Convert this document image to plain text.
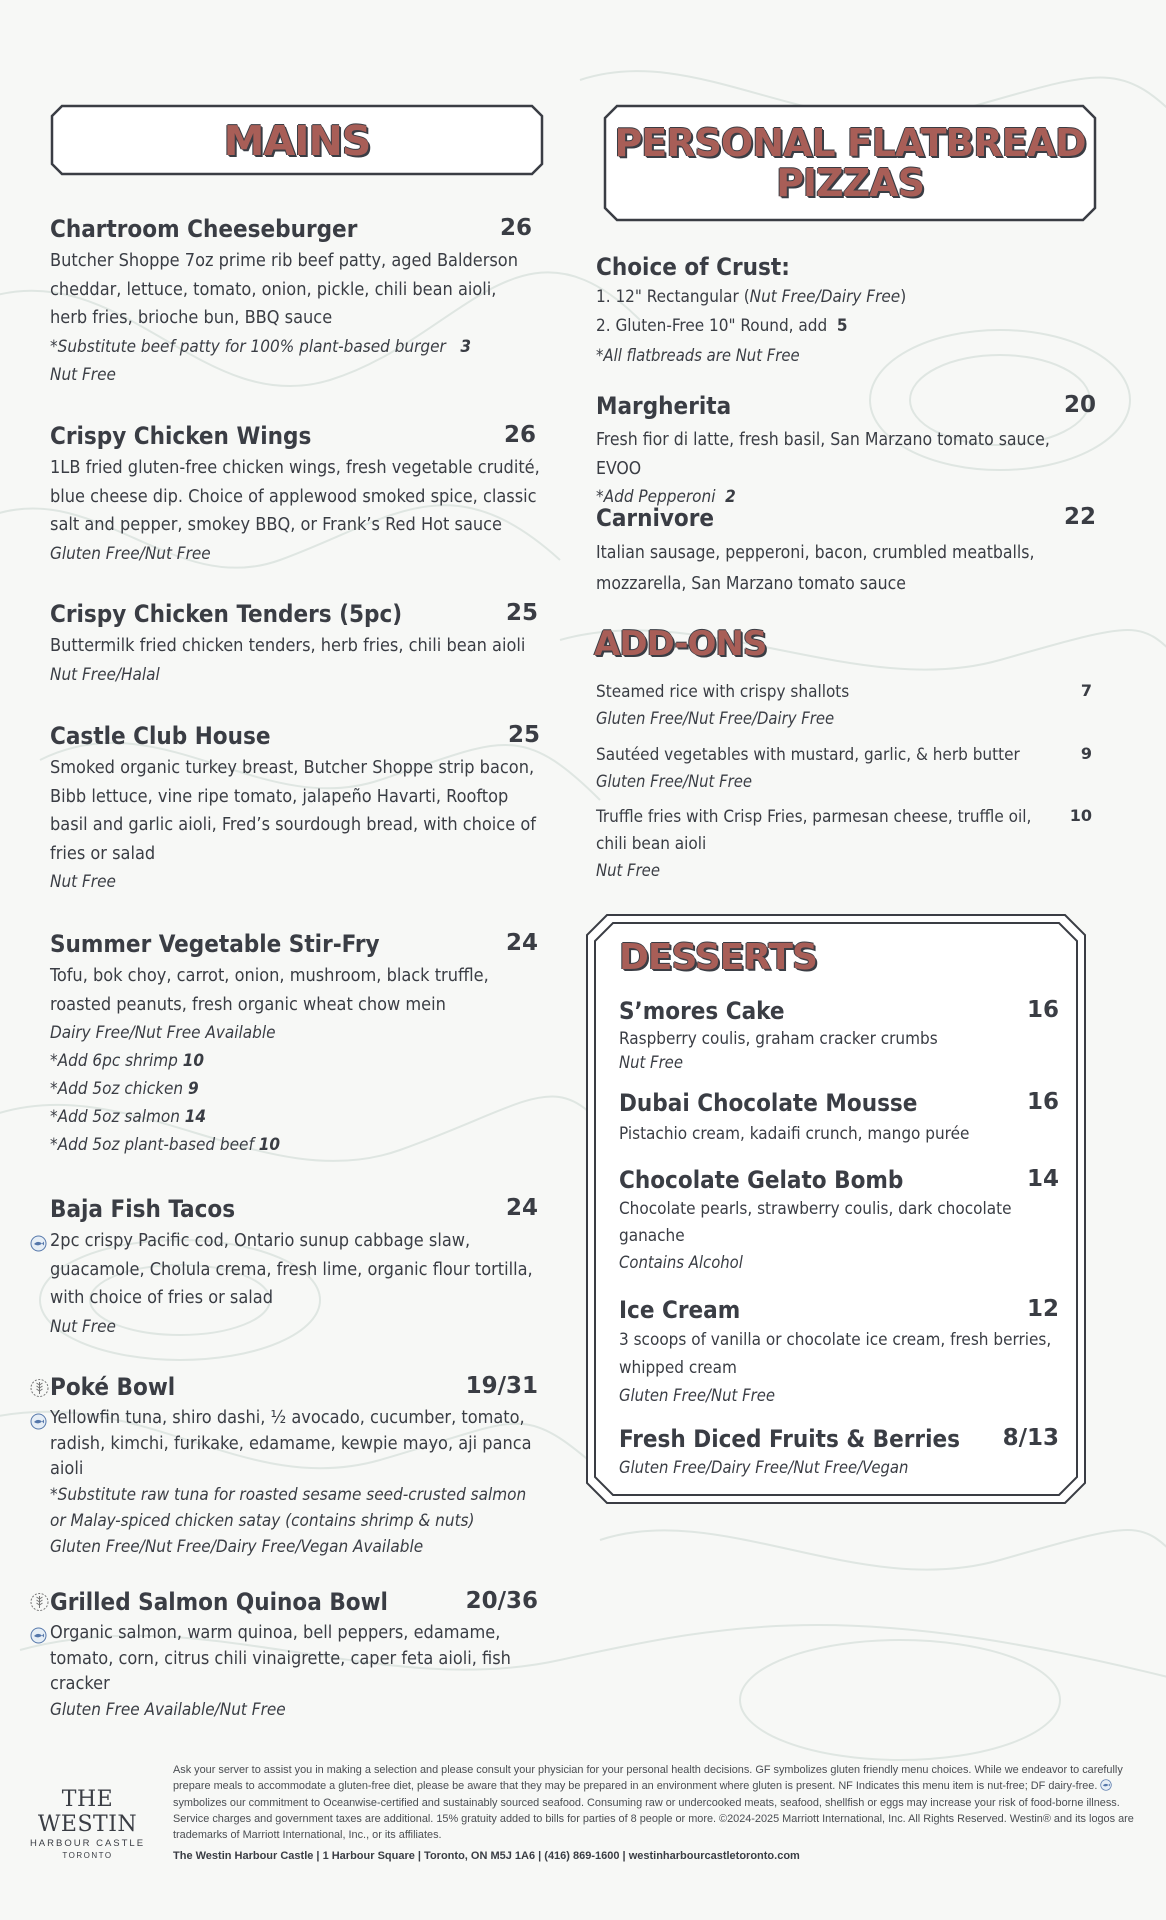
MAINS	PERSONAL FLATBREAD
PIZZAS
Chartroom Cheeseburger	26
Butcher Shoppe 7oz prime rib beef patty, aged Balderson cheddar, lettuce, tomato, onion, pickle, chili bean aioli, herb fries, brioche bun, BBQ sauce
*Substitute beef patty for 100% plant-based burger 3
Nut Free
Crispy Chicken Wings	26
1LB fried gluten-free chicken wings, fresh vegetable crudité, blue cheese dip. Choice of applewood smoked spice, classic salt and pepper, smokey BBQ, or Frank’s Red Hot sauce
Gluten Free/Nut Free
Crispy Chicken Tenders (5pc)	25
Buttermilk fried chicken tenders, herb fries, chili bean aioli
Nut Free/Halal
Castle Club House	25
Smoked organic turkey breast, Butcher Shoppe strip bacon, Bibb lettuce, vine ripe tomato, jalapeño Havarti, Rooftop basil and garlic aioli, Fred’s sourdough bread, with choice of fries or salad
Nut Free
Summer Vegetable Stir-Fry	24
Tofu, bok choy, carrot, onion, mushroom, black truffle, roasted peanuts, fresh organic wheat chow mein
Dairy Free/Nut Free Available
*Add 6pc shrimp 10
*Add 5oz chicken 9
*Add 5oz salmon 14
*Add 5oz plant-based beef 10
Baja Fish Tacos	24
2pc crispy Pacific cod, Ontario sunup cabbage slaw, guacamole, Cholula crema, fresh lime, organic flour tortilla, with choice of fries or salad
Nut Free
Poké Bowl	19/31
Yellowfin tuna, shiro dashi, ½ avocado, cucumber, tomato, radish, kimchi, furikake, edamame, kewpie mayo, aji panca aioli
*Substitute raw tuna for roasted sesame seed-crusted salmon or Malay-spiced chicken satay (contains shrimp & nuts)
Gluten Free/Nut Free/Dairy Free/Vegan Available
Grilled Salmon Quinoa Bowl	20/36
Organic salmon, warm quinoa, bell peppers, edamame, tomato, corn, citrus chili vinaigrette, caper feta aioli, fish cracker
Gluten Free Available/Nut Free
Choice of Crust:
1. 12" Rectangular (Nut Free/Dairy Free)
2. Gluten-Free 10" Round, add 5
*All flatbreads are Nut Free
Margherita	20
Fresh fior di latte, fresh basil, San Marzano tomato sauce, EVOO
*Add Pepperoni 2
Carnivore	22
Italian sausage, pepperoni, bacon, crumbled meatballs, mozzarella, San Marzano tomato sauce
ADD-ONS
Steamed rice with crispy shallots	7
Gluten Free/Nut Free/Dairy Free
Sautéed vegetables with mustard, garlic, & herb butter	9
Gluten Free/Nut Free
Truffle fries with Crisp Fries, parmesan cheese, truffle oil, chili bean aioli
10
Nut Free
DESSERTS
S’mores Cake	16
Raspberry coulis, graham cracker crumbs
Nut Free
Dubai Chocolate Mousse	16
Pistachio cream, kadaifi crunch, mango purée
Chocolate Gelato Bomb	14
Chocolate pearls, strawberry coulis, dark chocolate ganache
Contains Alcohol
Ice Cream	12
3 scoops of vanilla or chocolate ice cream, fresh berries, whipped cream
Gluten Free/Nut Free
Fresh Diced Fruits & Berries	8/13
Gluten Free/Dairy Free/Nut Free/Vegan
THE WESTIN
HARBOUR CASTLE
TORONTO
Ask your server to assist you in making a selection and please consult your physician for your personal health decisions. GF symbolizes gluten friendly menu choices. While we endeavor to carefully prepare meals to accommodate a gluten-free diet, please be aware that they may be prepared in an environment where gluten is present. NF Indicates this menu item is nut-free; DF dairy-free.  symbolizes our commitment to Oceanwise-certified and sustainably sourced seafood. Consuming raw or undercooked meats, seafood, shellfish or eggs may increase your risk of food-borne illness. Service charges and government taxes are additional. 15% gratuity added to bills for parties of 8 people or more. ©2024-2025 Marriott International, Inc. All Rights Reserved. Westin® and its logos are trademarks of Marriott International, Inc., or its affiliates.
The Westin Harbour Castle | 1 Harbour Square | Toronto, ON M5J 1A6 | (416) 869-1600 | westinharbourcastletoronto.com
